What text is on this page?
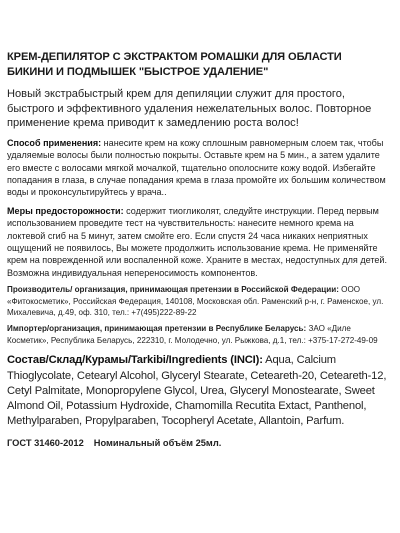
КРЕМ-ДЕПИЛЯТОР С ЭКСТРАКТОМ РОМАШКИ ДЛЯ ОБЛАСТИ БИКИНИ И ПОДМЫШЕК "БЫСТРОЕ УДАЛЕНИЕ"
Новый экстрабыстрый крем для депиляции служит для простого, быстрого и эффективного удаления нежелательных волос. Повторное применение крема приводит к замедлению роста волос!
Способ применения: нанесите крем на кожу сплошным равномерным слоем так, чтобы удаляемые волосы были полностью покрыты. Оставьте крем на 5 мин., а затем удалите его вместе с волосами мягкой мочалкой, тщательно ополосните кожу водой. Избегайте попадания в глаза, в случае попадания крема в глаза промойте их большим количеством воды и проконсультируйтесь у врача..
Меры предосторожности: содержит тиогликолят, следуйте инструкции. Перед первым использованием проведите тест на чувствительность: нанесите немного крема на локтевой сгиб на 5 минут, затем смойте его. Если спустя 24 часа никаких неприятных ощущений не появилось, Вы можете продолжить использование крема. Не применяйте крем на поврежденной или воспаленной коже. Храните в местах, недоступных для детей. Возможна индивидуальная непереносимость компонентов.
Производитель/ организация, принимающая претензии в Российской Федерации: ООО «Фитокосметик», Российская Федерация, 140108, Московская обл. Раменский р-н, г. Раменское, ул. Михалевича, д.49, оф. 310, тел.: +7(495)222-89-22
Импортер/организация, принимающая претензии в Республике Беларусь: ЗАО «Диле Косметик», Республика Беларусь, 222310, г. Молодечно, ул. Рыжкова, д.1, тел.: +375-17-272-49-09
Состав/Склад/Курамы/Tarkibi/Ingredients (INCI): Aqua, Calcium Thioglycolate, Cetearyl Alcohol, Glyceryl Stearate, Ceteareth-20, Ceteareth-12, Cetyl Palmitate, Monopropylene Glycol, Urea, Glyceryl Monostearate, Sweet Almond Oil, Potassium Hydroxide, Chamomilla Recutita Extact, Panthenol, Methylparaben, Propylparaben, Tocopheryl Acetate, Allantoin, Parfum.
ГОСТ 31460-2012 Номинальный объём 25мл.
